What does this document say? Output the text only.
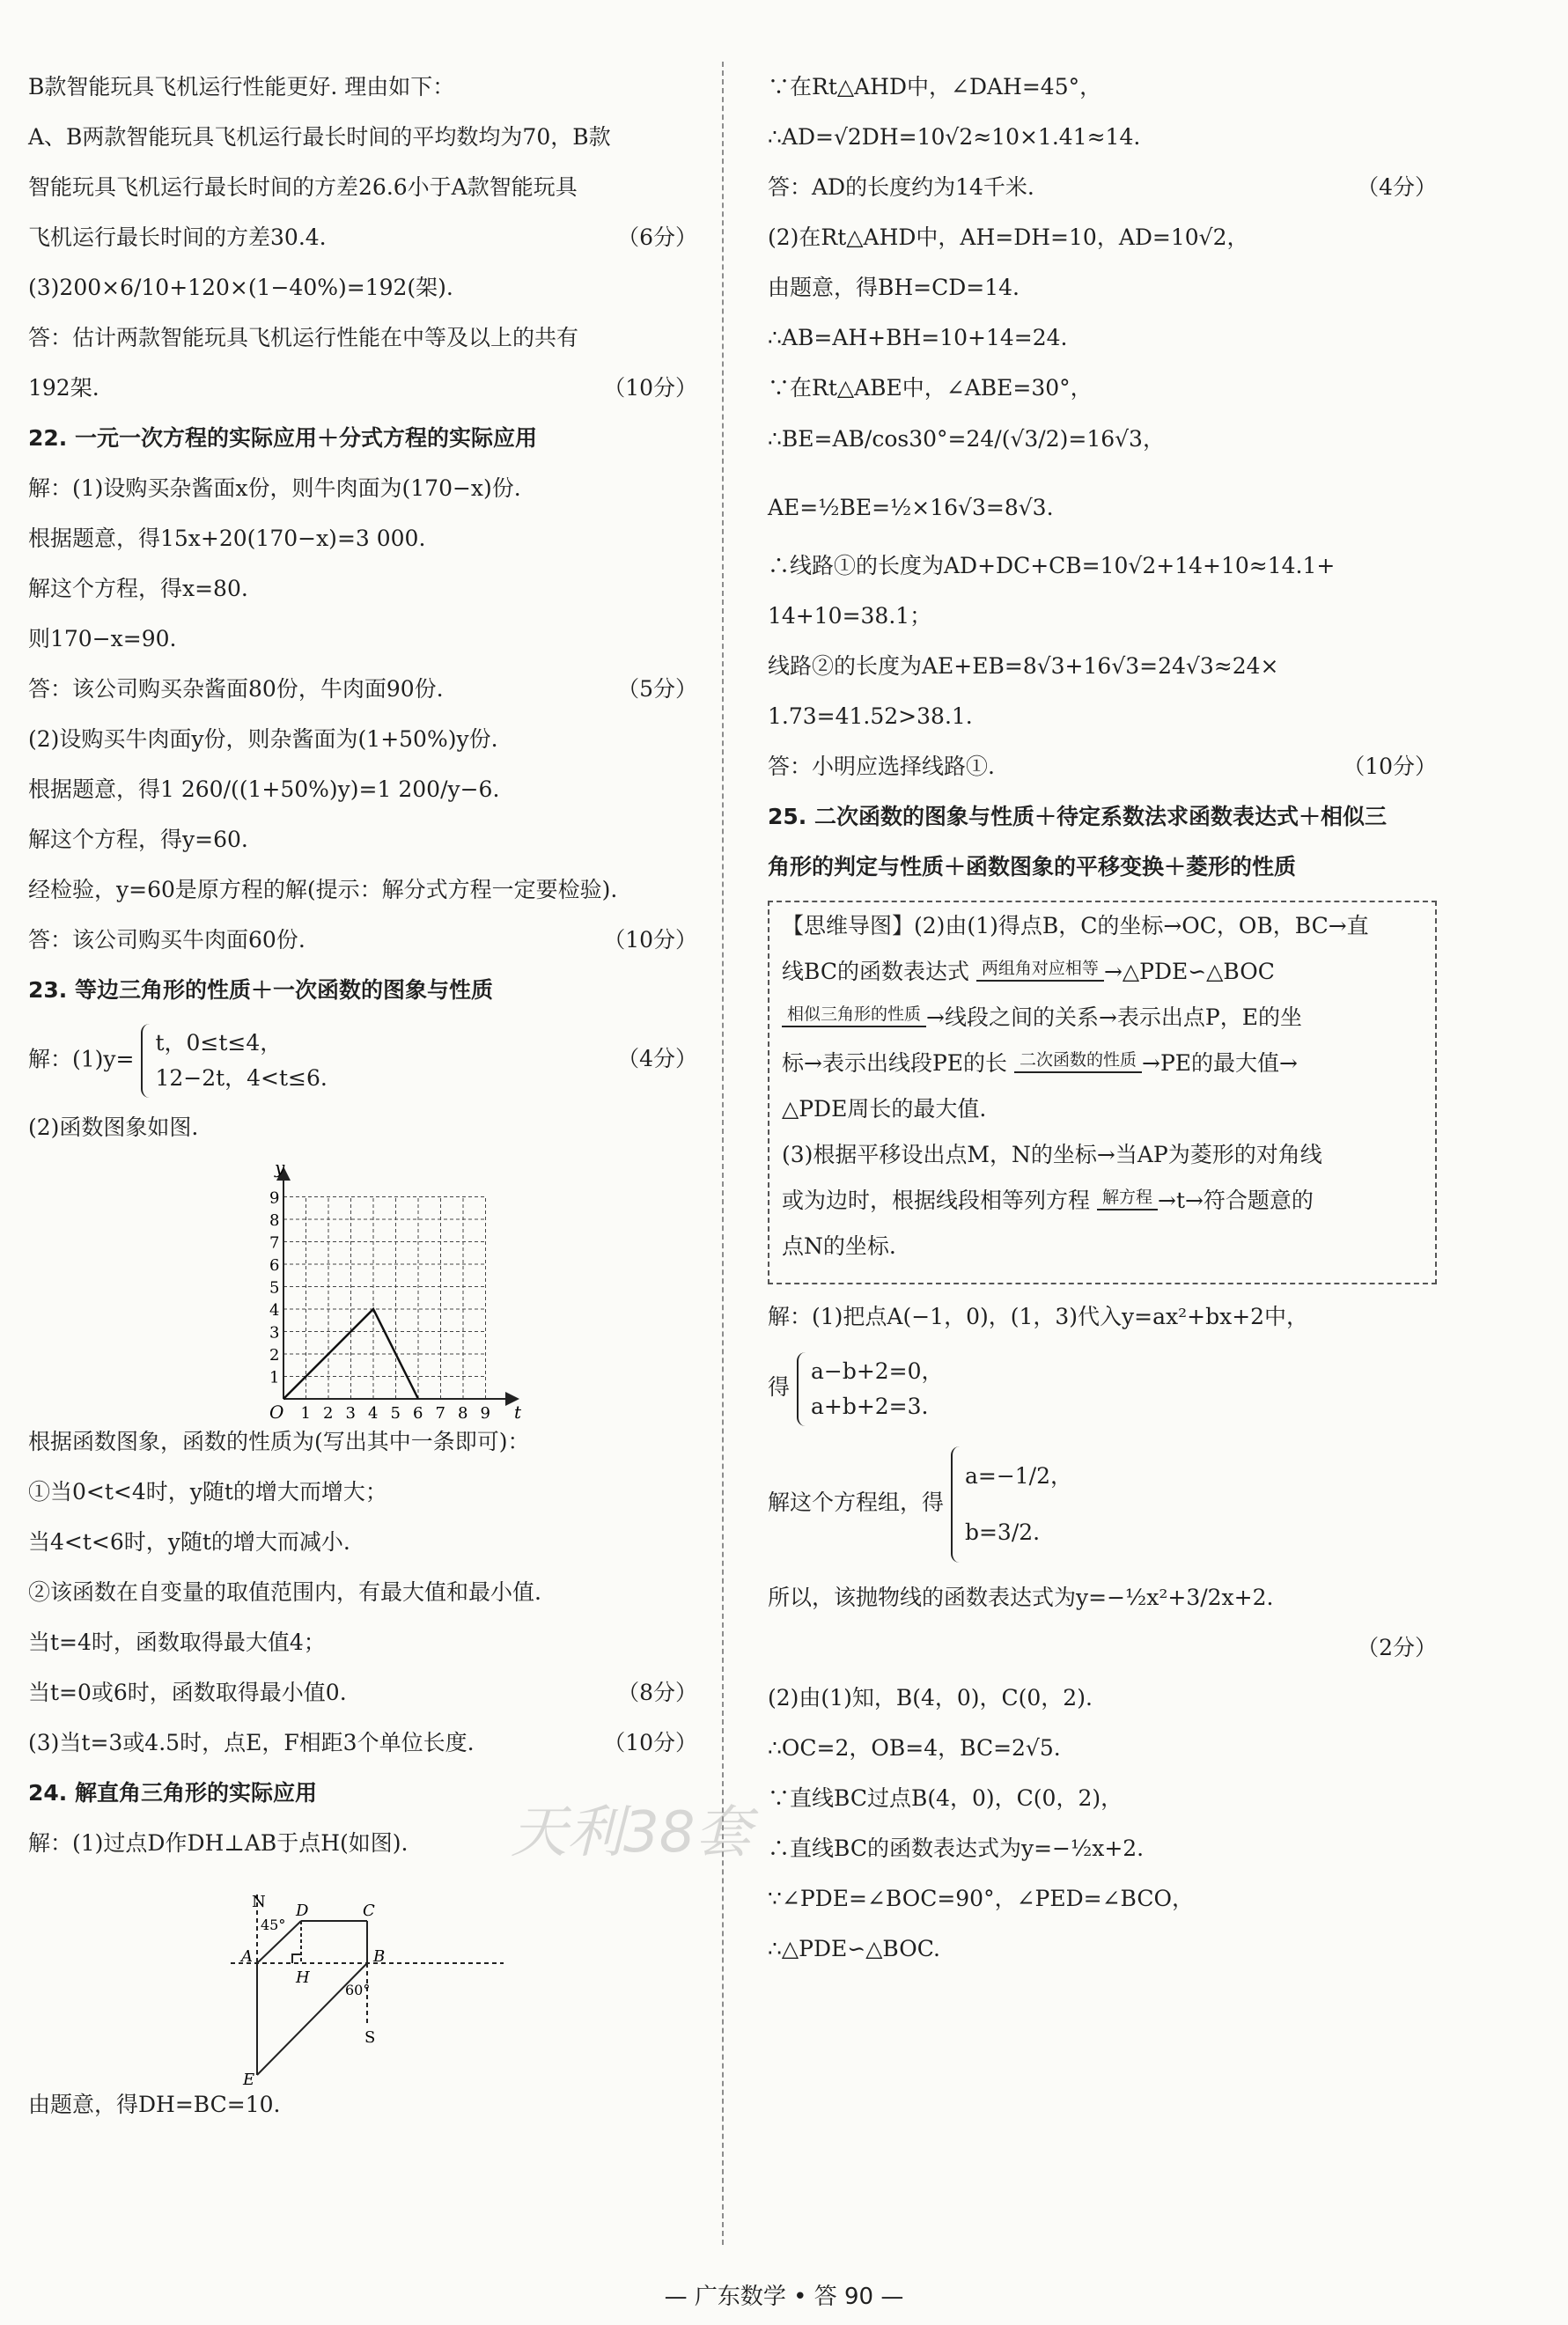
B款智能玩具飞机运行性能更好. 理由如下：
A、B两款智能玩具飞机运行最长时间的平均数均为70，B款
智能玩具飞机运行最长时间的方差26.6小于A款智能玩具
飞机运行最长时间的方差30.4.	（6分）
(3)200×6/10+120×(1−40%)=192(架).
答：估计两款智能玩具飞机运行性能在中等及以上的共有
192架.	（10分）
22. 一元一次方程的实际应用＋分式方程的实际应用
解：(1)设购买杂酱面x份，则牛肉面为(170−x)份.
根据题意，得15x+20(170−x)=3 000.
解这个方程，得x=80.
则170−x=90.
答：该公司购买杂酱面80份，牛肉面90份.	（5分）
(2)设购买牛肉面y份，则杂酱面为(1+50%)y份.
根据题意，得1 260/((1+50%)y)=1 200/y−6.
解这个方程，得y=60.
经检验，y=60是原方程的解(提示：解分式方程一定要检验).
答：该公司购买牛肉面60份.	（10分）
23. 等边三角形的性质＋一次函数的图象与性质
解：(1)y=
t，0≤t≤4，
12−2t，4<t≤6.
（4分）
(2)函数图象如图.
1
2
3
4
5
6
7
8
9
1 2 3 4 5 6 7 8 9
O	t
y
根据函数图象，函数的性质为(写出其中一条即可)：
①当0<t<4时，y随t的增大而增大；
当4<t<6时，y随t的增大而减小.
②该函数在自变量的取值范围内，有最大值和最小值.
当t=4时，函数取得最大值4；
当t=0或6时，函数取得最小值0.	（8分）
(3)当t=3或4.5时，点E，F相距3个单位长度.	（10分）
24. 解直角三角形的实际应用
解：(1)过点D作DH⊥AB于点H(如图).
N
45°
A
D	C
H
B
60°
S
E
由题意，得DH=BC=10.
∵在Rt△AHD中，∠DAH=45°，
∴AD=√2DH=10√2≈10×1.41≈14.
答：AD的长度约为14千米.	（4分）
(2)在Rt△AHD中，AH=DH=10，AD=10√2，
由题意，得BH=CD=14.
∴AB=AH+BH=10+14=24.
∵在Rt△ABE中，∠ABE=30°，
∴BE=AB/cos30°=24/(√3/2)=16√3，
AE=½BE=½×16√3=8√3.
∴线路①的长度为AD+DC+CB=10√2+14+10≈14.1+
14+10=38.1；
线路②的长度为AE+EB=8√3+16√3=24√3≈24×
1.73=41.52>38.1.
答：小明应选择线路①.	（10分）
25. 二次函数的图象与性质＋待定系数法求函数表达式＋相似三
角形的判定与性质＋函数图象的平移变换＋菱形的性质
【思维导图】(2)由(1)得点B，C的坐标→OC，OB，BC→直
线BC的函数表达式 两组角对应相等 →△PDE∽△BOC
相似三角形的性质 →线段之间的关系→表示出点P，E的坐
标→表示出线段PE的长 二次函数的性质 →PE的最大值→
△PDE周长的最大值.
(3)根据平移设出点M，N的坐标→当AP为菱形的对角线
或为边时，根据线段相等列方程 解方程 →t→符合题意的
点N的坐标.
解：(1)把点A(−1，0)，(1，3)代入y=ax²+bx+2中，
得
a−b+2=0，
a+b+2=3.
解这个方程组，得
a=−1/2，
b=3/2.
所以，该抛物线的函数表达式为y=−½x²+3/2x+2.
（2分）

(2)由(1)知，B(4，0)，C(0，2).
∴OC=2，OB=4，BC=2√5.
∵直线BC过点B(4，0)，C(0，2)，
∴直线BC的函数表达式为y=−½x+2.
∵∠PDE=∠BOC=90°，∠PED=∠BCO，
∴△PDE∽△BOC.
天利38套
— 广东数学 • 答 90 —
